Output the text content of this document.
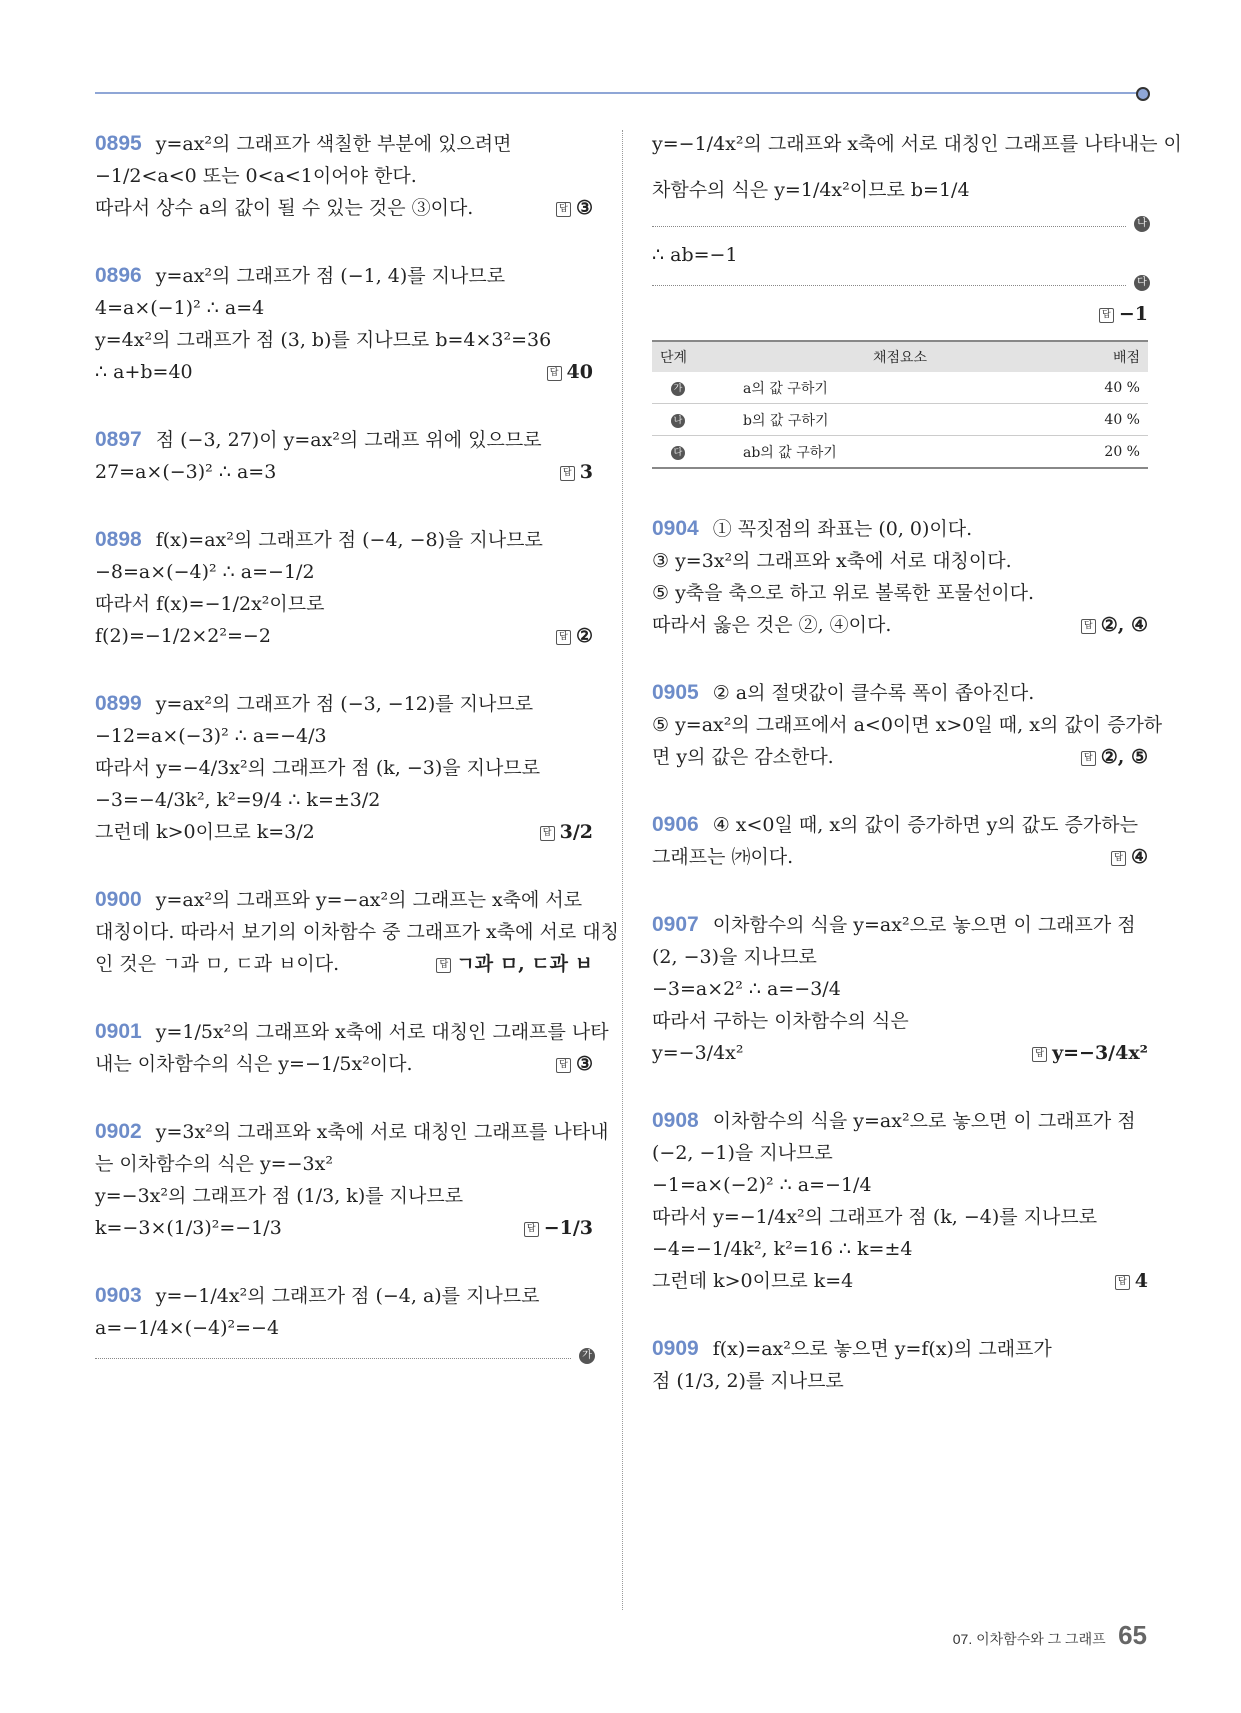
0895 y=ax²의 그래프가 색칠한 부분에 있으려면
−1/2<a<0 또는 0<a<1이어야 한다.
따라서 상수 a의 값이 될 수 있는 것은 ③이다.	답 ③
0896 y=ax²의 그래프가 점 (−1, 4)를 지나므로
4=a×(−1)² ∴ a=4
y=4x²의 그래프가 점 (3, b)를 지나므로 b=4×3²=36
∴ a+b=40	답 40
0897 점 (−3, 27)이 y=ax²의 그래프 위에 있으므로
27=a×(−3)² ∴ a=3	답 3
0898 f(x)=ax²의 그래프가 점 (−4, −8)을 지나므로
−8=a×(−4)² ∴ a=−1/2
따라서 f(x)=−1/2x²이므로
f(2)=−1/2×2²=−2	답 ②
0899 y=ax²의 그래프가 점 (−3, −12)를 지나므로
−12=a×(−3)² ∴ a=−4/3
따라서 y=−4/3x²의 그래프가 점 (k, −3)을 지나므로
−3=−4/3k², k²=9/4 ∴ k=±3/2
그런데 k>0이므로 k=3/2	답 3/2
0900 y=ax²의 그래프와 y=−ax²의 그래프는 x축에 서로
대칭이다. 따라서 보기의 이차함수 중 그래프가 x축에 서로 대칭
인 것은 ㄱ과 ㅁ, ㄷ과 ㅂ이다.	답 ㄱ과 ㅁ, ㄷ과 ㅂ
0901 y=1/5x²의 그래프와 x축에 서로 대칭인 그래프를 나타
내는 이차함수의 식은 y=−1/5x²이다.	답 ③
0902 y=3x²의 그래프와 x축에 서로 대칭인 그래프를 나타내
는 이차함수의 식은 y=−3x²
y=−3x²의 그래프가 점 (1/3, k)를 지나므로
k=−3×(1/3)²=−1/3	답 −1/3
0903 y=−1/4x²의 그래프가 점 (−4, a)를 지나므로
a=−1/4×(−4)²=−4
가
y=−1/4x²의 그래프와 x축에 서로 대칭인 그래프를 나타내는 이
차함수의 식은 y=1/4x²이므로 b=1/4
나
∴ ab=−1
다
답 −1
단계	채점요소	배점
가	a의 값 구하기	40 %
나	b의 값 구하기	40 %
다	ab의 값 구하기	20 %
0904 ① 꼭짓점의 좌표는 (0, 0)이다.
③ y=3x²의 그래프와 x축에 서로 대칭이다.
⑤ y축을 축으로 하고 위로 볼록한 포물선이다.
따라서 옳은 것은 ②, ④이다.	답 ②, ④
0905 ② a의 절댓값이 클수록 폭이 좁아진다.
⑤ y=ax²의 그래프에서 a<0이면 x>0일 때, x의 값이 증가하
면 y의 값은 감소한다.	답 ②, ⑤
0906 ④ x<0일 때, x의 값이 증가하면 y의 값도 증가하는
그래프는 ㈎이다.	답 ④
0907 이차함수의 식을 y=ax²으로 놓으면 이 그래프가 점
(2, −3)을 지나므로
−3=a×2² ∴ a=−3/4
따라서 구하는 이차함수의 식은
y=−3/4x²	답 y=−3/4x²
0908 이차함수의 식을 y=ax²으로 놓으면 이 그래프가 점
(−2, −1)을 지나므로
−1=a×(−2)² ∴ a=−1/4
따라서 y=−1/4x²의 그래프가 점 (k, −4)를 지나므로
−4=−1/4k², k²=16 ∴ k=±4
그런데 k>0이므로 k=4	답 4
0909 f(x)=ax²으로 놓으면 y=f(x)의 그래프가
점 (1/3, 2)를 지나므로
07. 이차함수와 그 그래프 65
